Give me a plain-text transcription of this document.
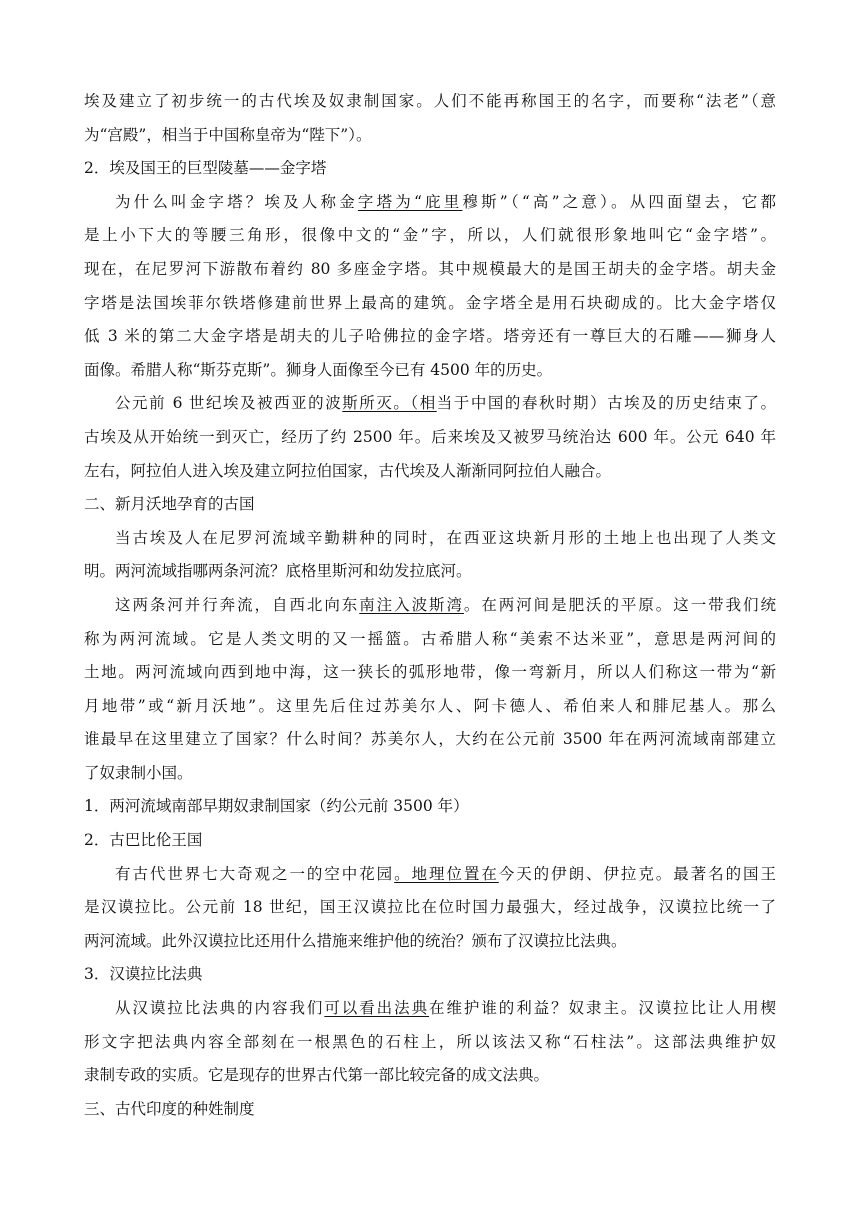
埃及建立了初步统一的古代埃及奴隶制国家。人们不能再称国王的名字，而要称“法老”（意
为“宫殿”，相当于中国称皇帝为“陛下”）。
2．埃及国王的巨型陵墓——金字塔
为什么叫金字塔？埃及人称金字塔为“庇里穆斯”（“高”之意）。从四面望去，它都
是上小下大的等腰三角形，很像中文的“金”字，所以，人们就很形象地叫它“金字塔”。
现在，在尼罗河下游散布着约 80 多座金字塔。其中规模最大的是国王胡夫的金字塔。胡夫金
字塔是法国埃菲尔铁塔修建前世界上最高的建筑。金字塔全是用石块砌成的。比大金字塔仅
低 3 米的第二大金字塔是胡夫的儿子哈佛拉的金字塔。塔旁还有一尊巨大的石雕——狮身人
面像。希腊人称“斯芬克斯”。狮身人面像至今已有 4500 年的历史。
公元前 6 世纪埃及被西亚的波斯所灭。（相当于中国的春秋时期）古埃及的历史结束了。
古埃及从开始统一到灭亡，经历了约 2500 年。后来埃及又被罗马统治达 600 年。公元 640 年
左右，阿拉伯人进入埃及建立阿拉伯国家，古代埃及人渐渐同阿拉伯人融合。
二、新月沃地孕育的古国
当古埃及人在尼罗河流域辛勤耕种的同时，在西亚这块新月形的土地上也出现了人类文
明。两河流域指哪两条河流？底格里斯河和幼发拉底河。
这两条河并行奔流，自西北向东南注入波斯湾。在两河间是肥沃的平原。这一带我们统
称为两河流域。它是人类文明的又一摇篮。古希腊人称“美索不达米亚”，意思是两河间的
土地。两河流域向西到地中海，这一狭长的弧形地带，像一弯新月，所以人们称这一带为“新
月地带”或“新月沃地”。这里先后住过苏美尔人、阿卡德人、希伯来人和腓尼基人。那么
谁最早在这里建立了国家？什么时间？苏美尔人，大约在公元前 3500 年在两河流域南部建立
了奴隶制小国。
1．两河流域南部早期奴隶制国家（约公元前 3500 年）
2．古巴比伦王国
有古代世界七大奇观之一的空中花园。地理位置在今天的伊朗、伊拉克。最著名的国王
是汉谟拉比。公元前 18 世纪，国王汉谟拉比在位时国力最强大，经过战争，汉谟拉比统一了
两河流域。此外汉谟拉比还用什么措施来维护他的统治？颁布了汉谟拉比法典。
3．汉谟拉比法典
从汉谟拉比法典的内容我们可以看出法典在维护谁的利益？奴隶主。汉谟拉比让人用楔
形文字把法典内容全部刻在一根黑色的石柱上，所以该法又称“石柱法”。这部法典维护奴
隶制专政的实质。它是现存的世界古代第一部比较完备的成文法典。
三、古代印度的种姓制度
